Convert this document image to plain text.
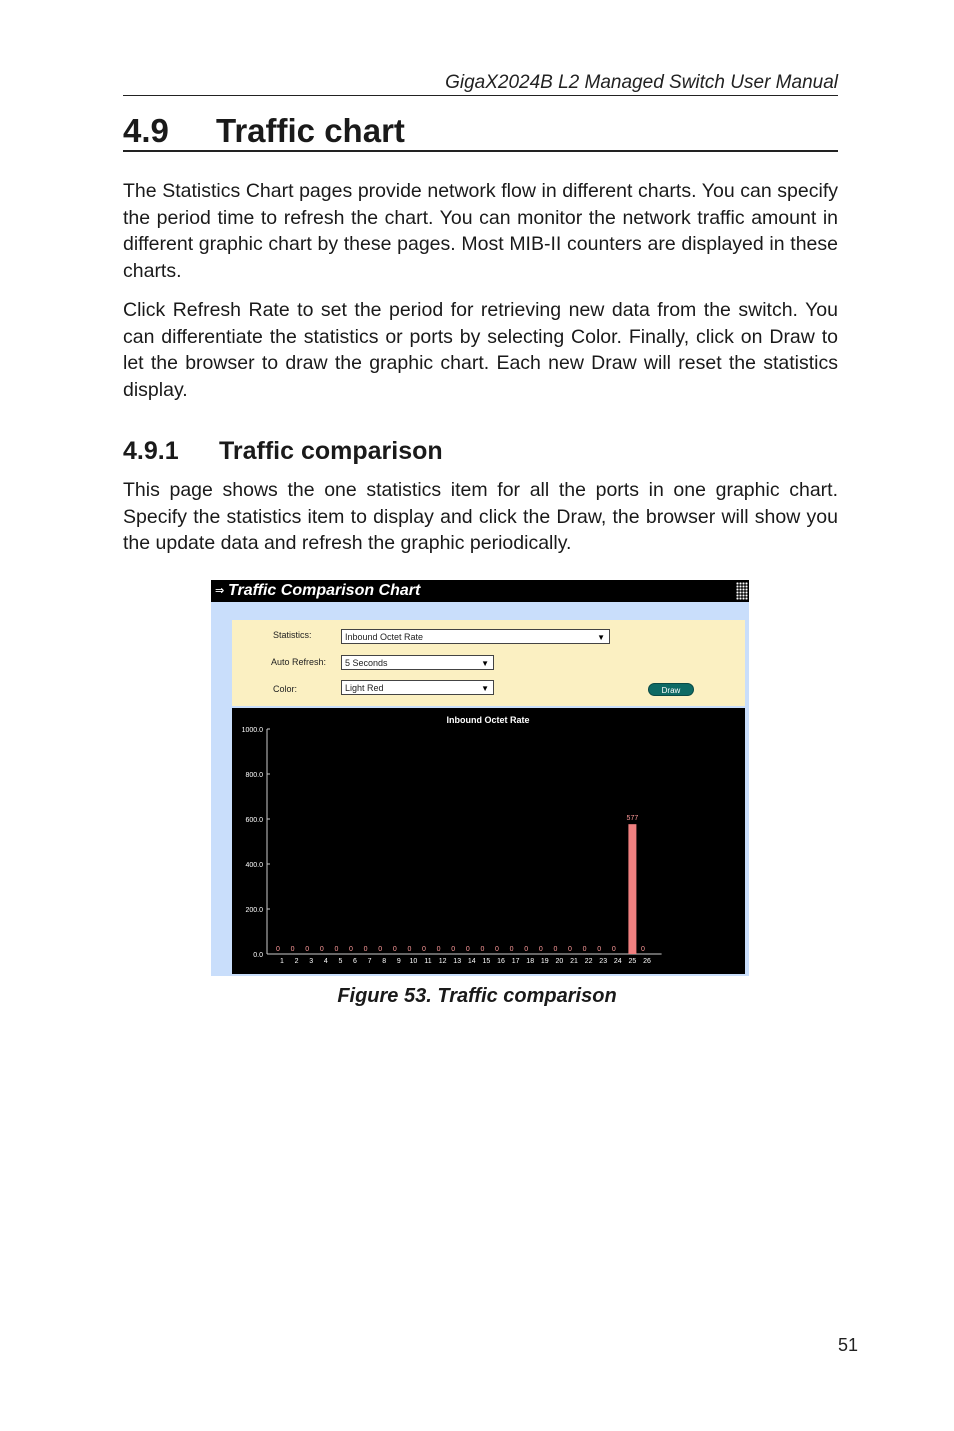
GigaX2024B L2 Managed Switch User Manual
4.9 Traffic chart

The Statistics Chart pages provide network flow in different charts. You can specify the period time to refresh the chart. You can monitor the network traffic amount in different graphic chart by these pages. Most MIB-II counters are displayed in these charts.

Click Refresh Rate to set the period for retrieving new data from the switch. You can differentiate the statistics or ports by selecting Color. Finally, click on Draw to let the browser to draw the graphic chart. Each new Draw will reset the statistics display.

4.9.1 Traffic comparison

This page shows the one statistics item for all the ports in one graphic chart. Specify the statistics item to display and click the Draw, the browser will show you the update data and refresh the graphic periodically.

⇒ Traffic Comparison Chart
Statistics:	Inbound Octet Rate	▼
Auto Refresh:	5 Seconds	▼
Color:	Light Red	▼	Draw
Inbound Octet Rate
0.0
200.0
400.0
600.0
800.0
1000.0
0
1
0
2
0
3
0
4
0
5
0
6
0
7
0
8
0
9
0
10
0
11
0
12
0
13
0
14
0
15
0
16
0
17
0
18
0
19
0
20
0
21
0
22
0
23
0
24
577
25
0
26
Figure 53. Traffic comparison
51
